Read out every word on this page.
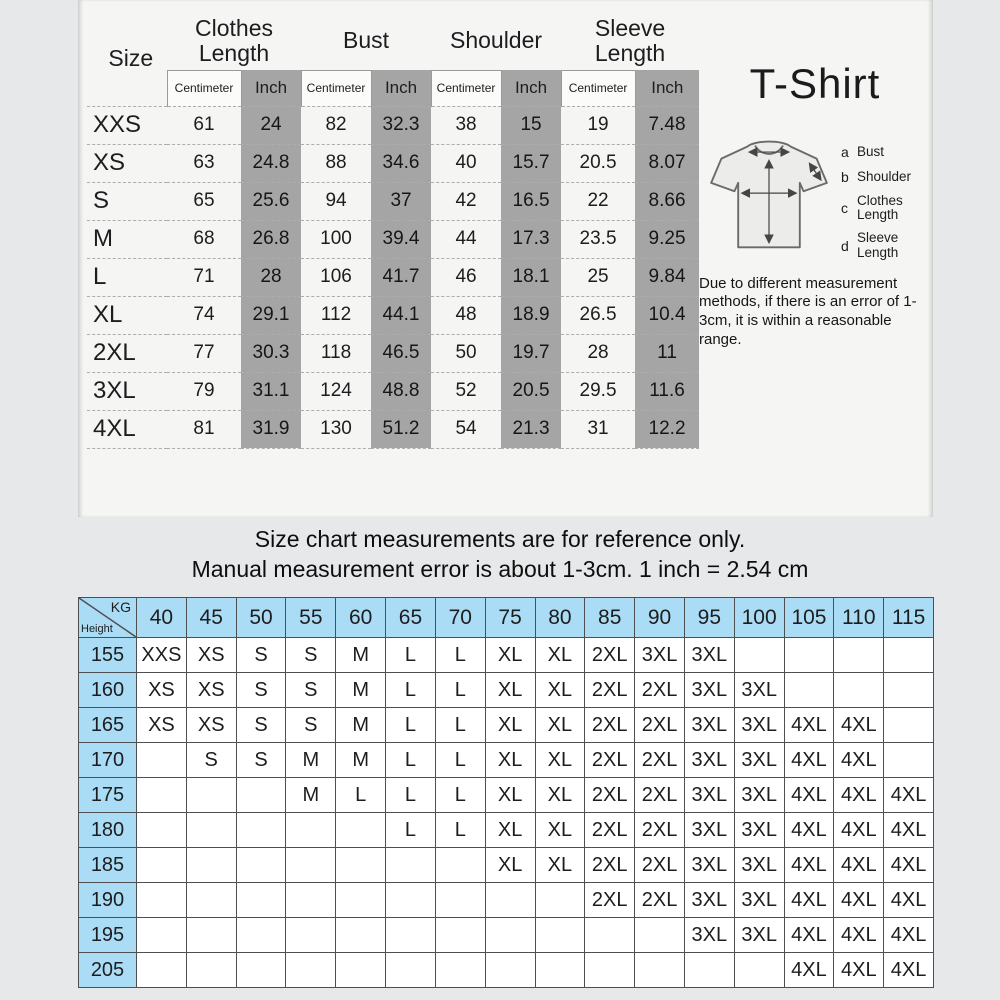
Size	Clothes Length		Bust		Shoulder		Sleeve Length	
	Centimeter	Inch	Centimeter	Inch	Centimeter	Inch	Centimeter	Inch
XXS	61	24	82	32.3	38	15	19	7.48
XS	63	24.8	88	34.6	40	15.7	20.5	8.07
S	65	25.6	94	37	42	16.5	22	8.66
M	68	26.8	100	39.4	44	17.3	23.5	9.25
L	71	28	106	41.7	46	18.1	25	9.84
XL	74	29.1	112	44.1	48	18.9	26.5	10.4
2XL	77	30.3	118	46.5	50	19.7	28	11
3XL	79	31.1	124	48.8	52	20.5	29.5	11.6
4XL	81	31.9	130	51.2	54	21.3	31	12.2
T-Shirt
a Bust
b Shoulder
c Clothes Length
d Sleeve Length
Due to different measurement methods, if there is an error of 1-3cm, it is within a reasonable range.
Size chart measurements are for reference only.
Manual measurement error is about 1-3cm. 1 inch = 2.54 cm
KG
Height	40	45	50	55	60	65	70	75	80	85	90	95	100	105	110	115
155	XXS	XS	S	S	M	L	L	XL	XL	2XL	3XL	3XL				
160	XS	XS	S	S	M	L	L	XL	XL	2XL	2XL	3XL	3XL			
165	XS	XS	S	S	M	L	L	XL	XL	2XL	2XL	3XL	3XL	4XL	4XL	
170		S	S	M	M	L	L	XL	XL	2XL	2XL	3XL	3XL	4XL	4XL	
175				M	L	L	L	XL	XL	2XL	2XL	3XL	3XL	4XL	4XL	4XL
180						L	L	XL	XL	2XL	2XL	3XL	3XL	4XL	4XL	4XL
185								XL	XL	2XL	2XL	3XL	3XL	4XL	4XL	4XL
190										2XL	2XL	3XL	3XL	4XL	4XL	4XL
195												3XL	3XL	4XL	4XL	4XL
205														4XL	4XL	4XL
